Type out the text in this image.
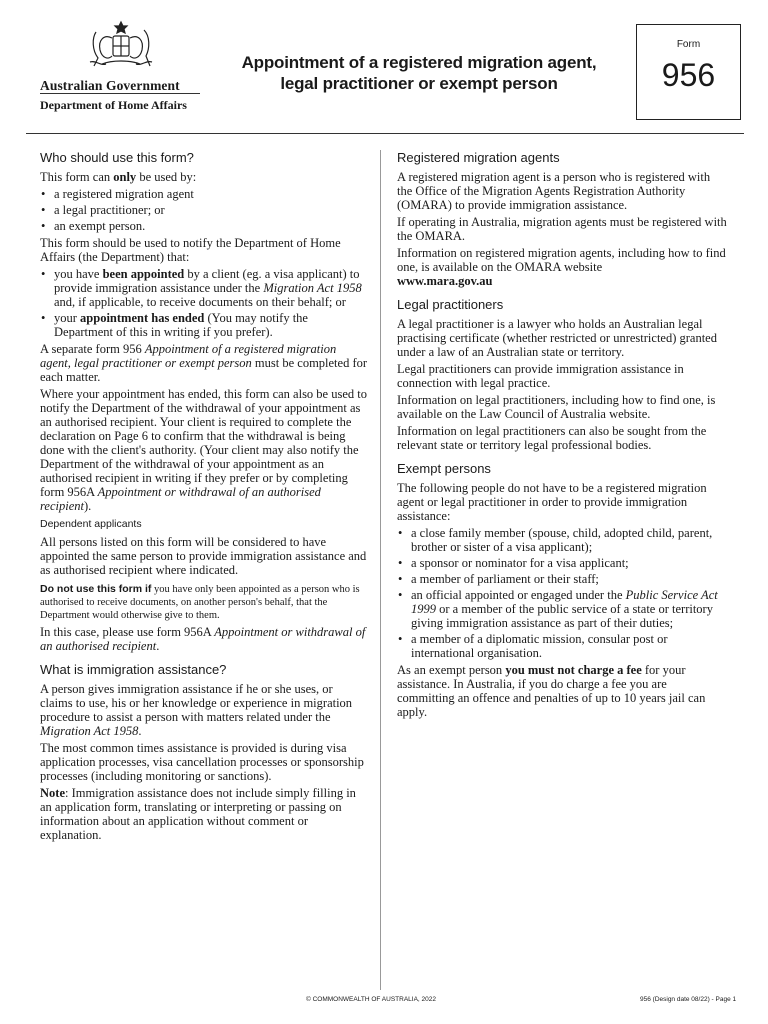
Australian Government
Department of Home Affairs
Appointment of a registered migration agent,
legal practitioner or exempt person
Form
956
Who should use this form?

This form can only be used by:

• a registered migration agent
• a legal practitioner; or
• an exempt person.

This form should be used to notify the Department of Home Affairs (the Department) that:

• you have been appointed by a client (eg. a visa applicant) to provide immigration assistance under the Migration Act 1958 and, if applicable, to receive documents on their behalf; or
• your appointment has ended (You may notify the Department of this in writing if you prefer).

A separate form 956 Appointment of a registered migration agent, legal practitioner or exempt person must be completed for each matter.

Where your appointment has ended, this form can also be used to notify the Department of the withdrawal of your appointment as an authorised recipient. Your client is required to complete the declaration on Page 6 to confirm that the withdrawal is being done with the client's authority. (Your client may also notify the Department of the withdrawal of your appointment as an authorised recipient in writing if they prefer or by completing form 956A Appointment or withdrawal of an authorised recipient).

Dependent applicants

All persons listed on this form will be considered to have appointed the same person to provide immigration assistance and as authorised recipient where indicated.

Do not use this form if you have only been appointed as a person who is authorised to receive documents, on another person's behalf, that the Department would otherwise give to them.

In this case, please use form 956A Appointment or withdrawal of an authorised recipient.

What is immigration assistance?

A person gives immigration assistance if he or she uses, or claims to use, his or her knowledge or experience in migration procedure to assist a person with matters related under the Migration Act 1958.

The most common times assistance is provided is during visa application processes, visa cancellation processes or sponsorship processes (including monitoring or sanctions).

Note: Immigration assistance does not include simply filling in an application form, translating or interpreting or passing on information about an application without comment or explanation.

Registered migration agents

A registered migration agent is a person who is registered with the Office of the Migration Agents Registration Authority (OMARA) to provide immigration assistance.

If operating in Australia, migration agents must be registered with the OMARA.

Information on registered migration agents, including how to find one, is available on the OMARA website
www.mara.gov.au

Legal practitioners

A legal practitioner is a lawyer who holds an Australian legal practising certificate (whether restricted or unrestricted) granted under a law of an Australian state or territory.

Legal practitioners can provide immigration assistance in connection with legal practice.

Information on legal practitioners, including how to find one, is available on the Law Council of Australia website.

Information on legal practitioners can also be sought from the relevant state or territory legal professional bodies.

Exempt persons

The following people do not have to be a registered migration agent or legal practitioner in order to provide immigration assistance:

• a close family member (spouse, child, adopted child, parent, brother or sister of a visa applicant);
• a sponsor or nominator for a visa applicant;
• a member of parliament or their staff;
• an official appointed or engaged under the Public Service Act 1999 or a member of the public service of a state or territory giving immigration assistance as part of their duties;
• a member of a diplomatic mission, consular post or international organisation.

As an exempt person you must not charge a fee for your assistance. In Australia, if you do charge a fee you are committing an offence and penalties of up to 10 years jail can apply.

© COMMONWEALTH OF AUSTRALIA, 2022	956 (Design date 08/22) - Page 1
